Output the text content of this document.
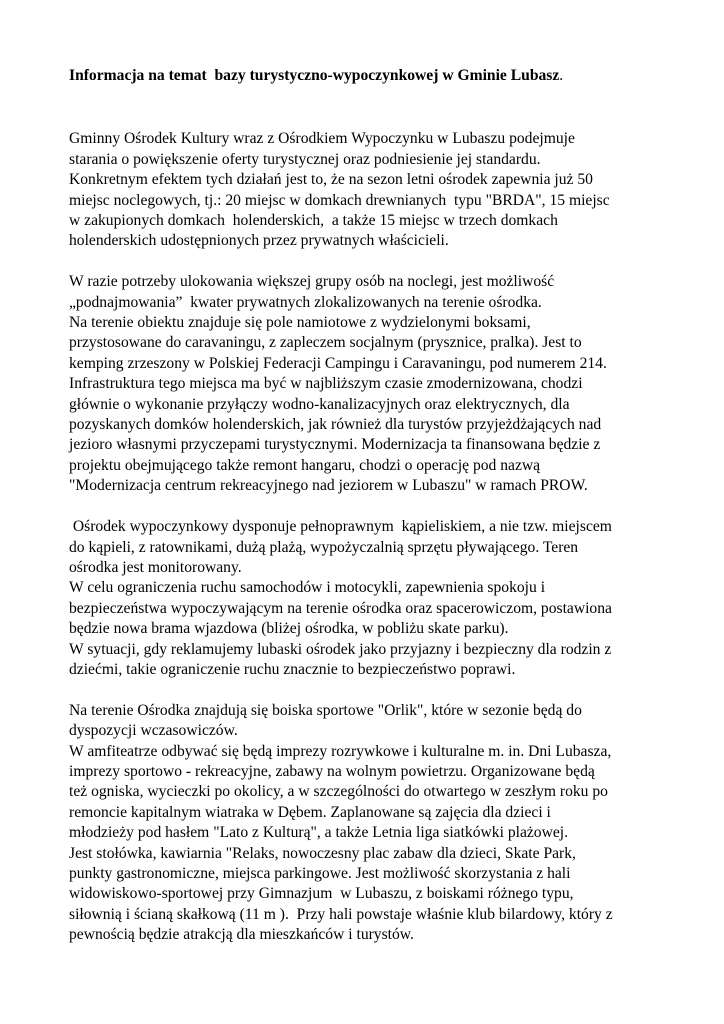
Informacja na temat  bazy turystyczno-wypoczynkowej w Gminie Lubasz.
Gminny Ośrodek Kultury wraz z Ośrodkiem Wypoczynku w Lubaszu podejmuje
starania o powiększenie oferty turystycznej oraz podniesienie jej standardu.
Konkretnym efektem tych działań jest to, że na sezon letni ośrodek zapewnia już 50
miejsc noclegowych, tj.: 20 miejsc w domkach drewnianych  typu "BRDA", 15 miejsc
w zakupionych domkach  holenderskich,  a także 15 miejsc w trzech domkach
holenderskich udostępnionych przez prywatnych właścicieli.
W razie potrzeby ulokowania większej grupy osób na noclegi, jest możliwość
„podnajmowania”  kwater prywatnych zlokalizowanych na terenie ośrodka.
Na terenie obiektu znajduje się pole namiotowe z wydzielonymi boksami,
przystosowane do caravaningu, z zapleczem socjalnym (prysznice, pralka). Jest to
kemping zrzeszony w Polskiej Federacji Campingu i Caravaningu, pod numerem 214.
Infrastruktura tego miejsca ma być w najbliższym czasie zmodernizowana, chodzi
głównie o wykonanie przyłączy wodno-kanalizacyjnych oraz elektrycznych, dla
pozyskanych domków holenderskich, jak również dla turystów przyjeżdżających nad
jezioro własnymi przyczepami turystycznymi. Modernizacja ta finansowana będzie z
projektu obejmującego także remont hangaru, chodzi o operację pod nazwą
"Modernizacja centrum rekreacyjnego nad jeziorem w Lubaszu" w ramach PROW.
Ośrodek wypoczynkowy dysponuje pełnoprawnym  kąpieliskiem, a nie tzw. miejscem
do kąpieli, z ratownikami, dużą plażą, wypożyczalnią sprzętu pływającego. Teren
ośrodka jest monitorowany.
W celu ograniczenia ruchu samochodów i motocykli, zapewnienia spokoju i
bezpieczeństwa wypoczywającym na terenie ośrodka oraz spacerowiczom, postawiona
będzie nowa brama wjazdowa (bliżej ośrodka, w pobliżu skate parku).
W sytuacji, gdy reklamujemy lubaski ośrodek jako przyjazny i bezpieczny dla rodzin z
dziećmi, takie ograniczenie ruchu znacznie to bezpieczeństwo poprawi.
Na terenie Ośrodka znajdują się boiska sportowe "Orlik", które w sezonie będą do
dyspozycji wczasowiczów.
W amfiteatrze odbywać się będą imprezy rozrywkowe i kulturalne m. in. Dni Lubasza,
imprezy sportowo - rekreacyjne, zabawy na wolnym powietrzu. Organizowane będą
też ogniska, wycieczki po okolicy, a w szczególności do otwartego w zeszłym roku po
remoncie kapitalnym wiatraka w Dębem. Zaplanowane są zajęcia dla dzieci i
młodzieży pod hasłem "Lato z Kulturą", a także Letnia liga siatkówki plażowej.
Jest stołówka, kawiarnia "Relaks, nowoczesny plac zabaw dla dzieci, Skate Park,
punkty gastronomiczne, miejsca parkingowe. Jest możliwość skorzystania z hali
widowiskowo-sportowej przy Gimnazjum  w Lubaszu, z boiskami różnego typu,
siłownią i ścianą skałkową (11 m ).  Przy hali powstaje właśnie klub bilardowy, który z
pewnością będzie atrakcją dla mieszkańców i turystów.
